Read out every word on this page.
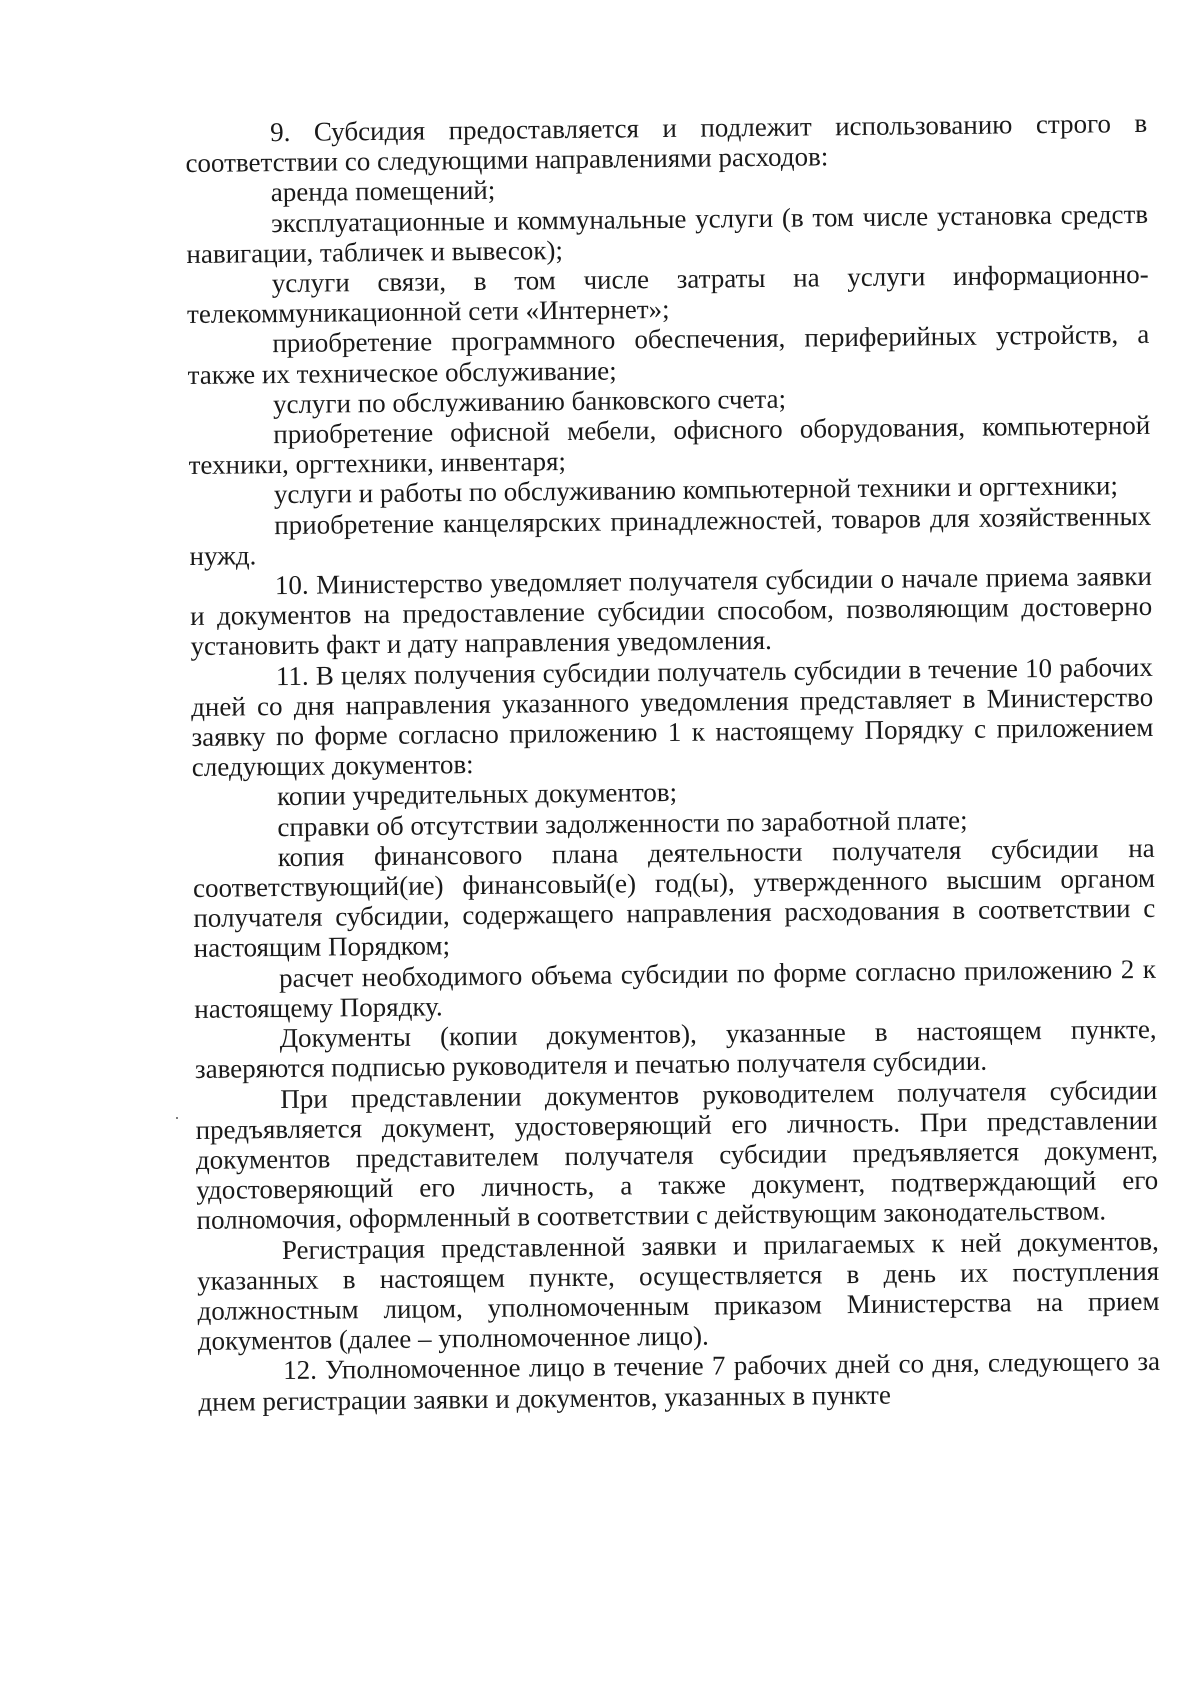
9. Субсидия предоставляется и подлежит использованию строго в соответствии со следующими направлениями расходов:

аренда помещений;

эксплуатационные и коммунальные услуги (в том числе установка средств навигации, табличек и вывесок);

услуги связи, в том числе затраты на услуги информационно-телекоммуникационной сети «Интернет»;

приобретение программного обеспечения, периферийных устройств, а также их техническое обслуживание;

услуги по обслуживанию банковского счета;

приобретение офисной мебели, офисного оборудования, компьютерной техники, оргтехники, инвентаря;

услуги и работы по обслуживанию компьютерной техники и оргтехники;

приобретение канцелярских принадлежностей, товаров для хозяйственных нужд.

10. Министерство уведомляет получателя субсидии о начале приема заявки и документов на предоставление субсидии способом, позволяющим достоверно установить факт и дату направления уведомления.

11. В целях получения субсидии получатель субсидии в течение 10 рабочих дней со дня направления указанного уведомления представляет в Министерство заявку по форме согласно приложению 1 к настоящему Порядку с приложением следующих документов:

копии учредительных документов;

справки об отсутствии задолженности по заработной плате;

копия финансового плана деятельности получателя субсидии на соответствующий(ие) финансовый(е) год(ы), утвержденного высшим органом получателя субсидии, содержащего направления расходования в соответствии с настоящим Порядком;

расчет необходимого объема субсидии по форме согласно приложению 2 к настоящему Порядку.

Документы (копии документов), указанные в настоящем пункте, заверяются подписью руководителя и печатью получателя субсидии.

При представлении документов руководителем получателя субсидии предъявляется документ, удостоверяющий его личность. При представлении документов представителем получателя субсидии предъявляется документ, удостоверяющий его личность, а также документ, подтверждающий его полномочия, оформленный в соответствии с действующим законодательством.

Регистрация представленной заявки и прилагаемых к ней документов, указанных в настоящем пункте, осуществляется в день их поступления должностным лицом, уполномоченным приказом Министерства на прием документов (далее – уполномоченное лицо).

12. Уполномоченное лицо в течение 7 рабочих дней со дня, следующего за днем регистрации заявки и документов, указанных в пункте
